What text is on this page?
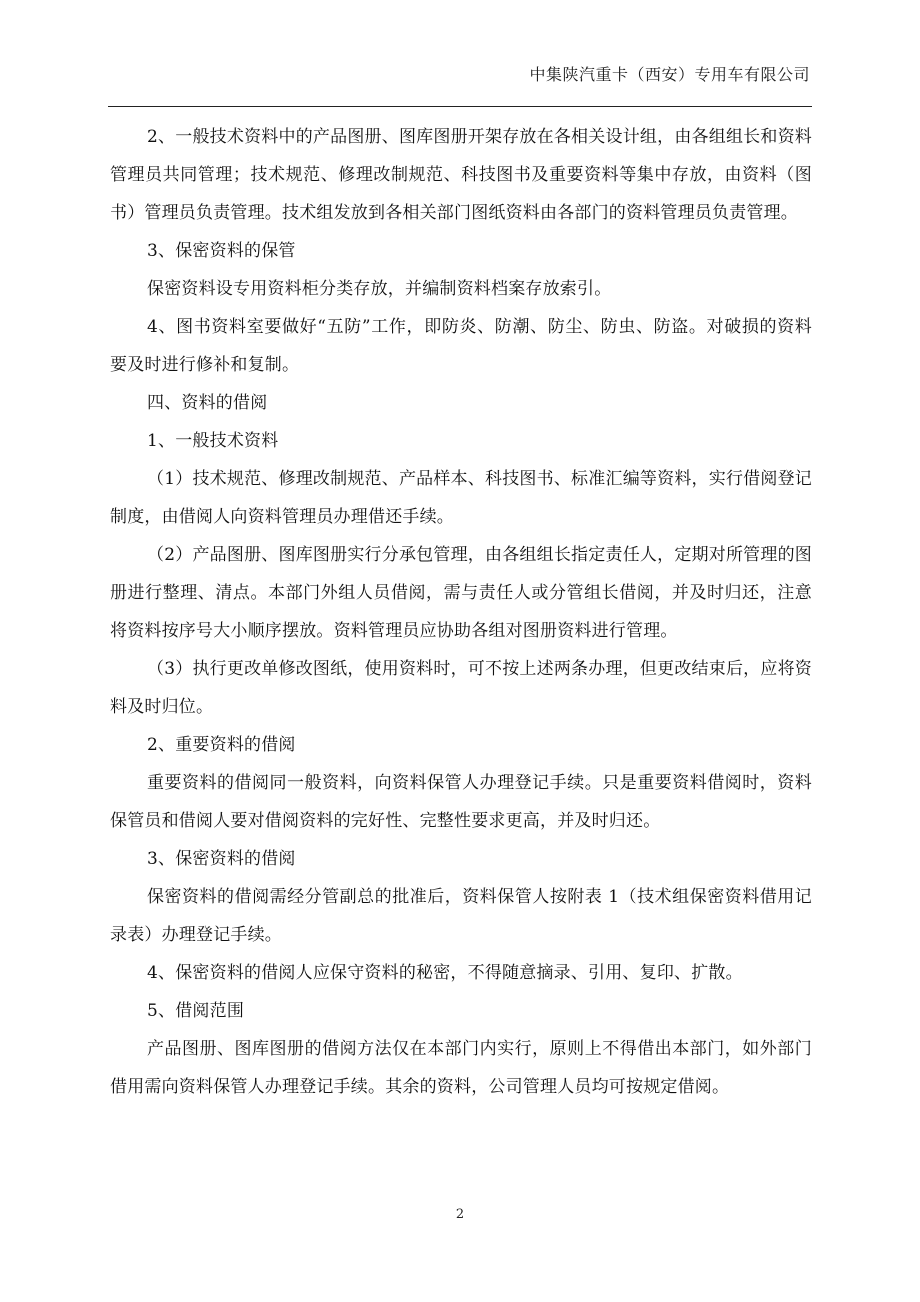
中集陕汽重卡（西安）专用车有限公司

2、一般技术资料中的产品图册、图库图册开架存放在各相关设计组，由各组组长和资料管理员共同管理；技术规范、修理改制规范、科技图书及重要资料等集中存放，由资料（图书）管理员负责管理。技术组发放到各相关部门图纸资料由各部门的资料管理员负责管理。

3、保密资料的保管

保密资料设专用资料柜分类存放，并编制资料档案存放索引。

4、图书资料室要做好“五防”工作，即防炎、防潮、防尘、防虫、防盗。对破损的资料要及时进行修补和复制。

四、资料的借阅

1、一般技术资料

（1）技术规范、修理改制规范、产品样本、科技图书、标准汇编等资料，实行借阅登记制度，由借阅人向资料管理员办理借还手续。

（2）产品图册、图库图册实行分承包管理，由各组组长指定责任人，定期对所管理的图册进行整理、清点。本部门外组人员借阅，需与责任人或分管组长借阅，并及时归还，注意将资料按序号大小顺序摆放。资料管理员应协助各组对图册资料进行管理。

（3）执行更改单修改图纸，使用资料时，可不按上述两条办理，但更改结束后，应将资料及时归位。

2、重要资料的借阅

重要资料的借阅同一般资料，向资料保管人办理登记手续。只是重要资料借阅时，资料保管员和借阅人要对借阅资料的完好性、完整性要求更高，并及时归还。

3、保密资料的借阅

保密资料的借阅需经分管副总的批准后，资料保管人按附表 1（技术组保密资料借用记录表）办理登记手续。

4、保密资料的借阅人应保守资料的秘密，不得随意摘录、引用、复印、扩散。

5、借阅范围

产品图册、图库图册的借阅方法仅在本部门内实行，原则上不得借出本部门，如外部门借用需向资料保管人办理登记手续。其余的资料，公司管理人员均可按规定借阅。

2
